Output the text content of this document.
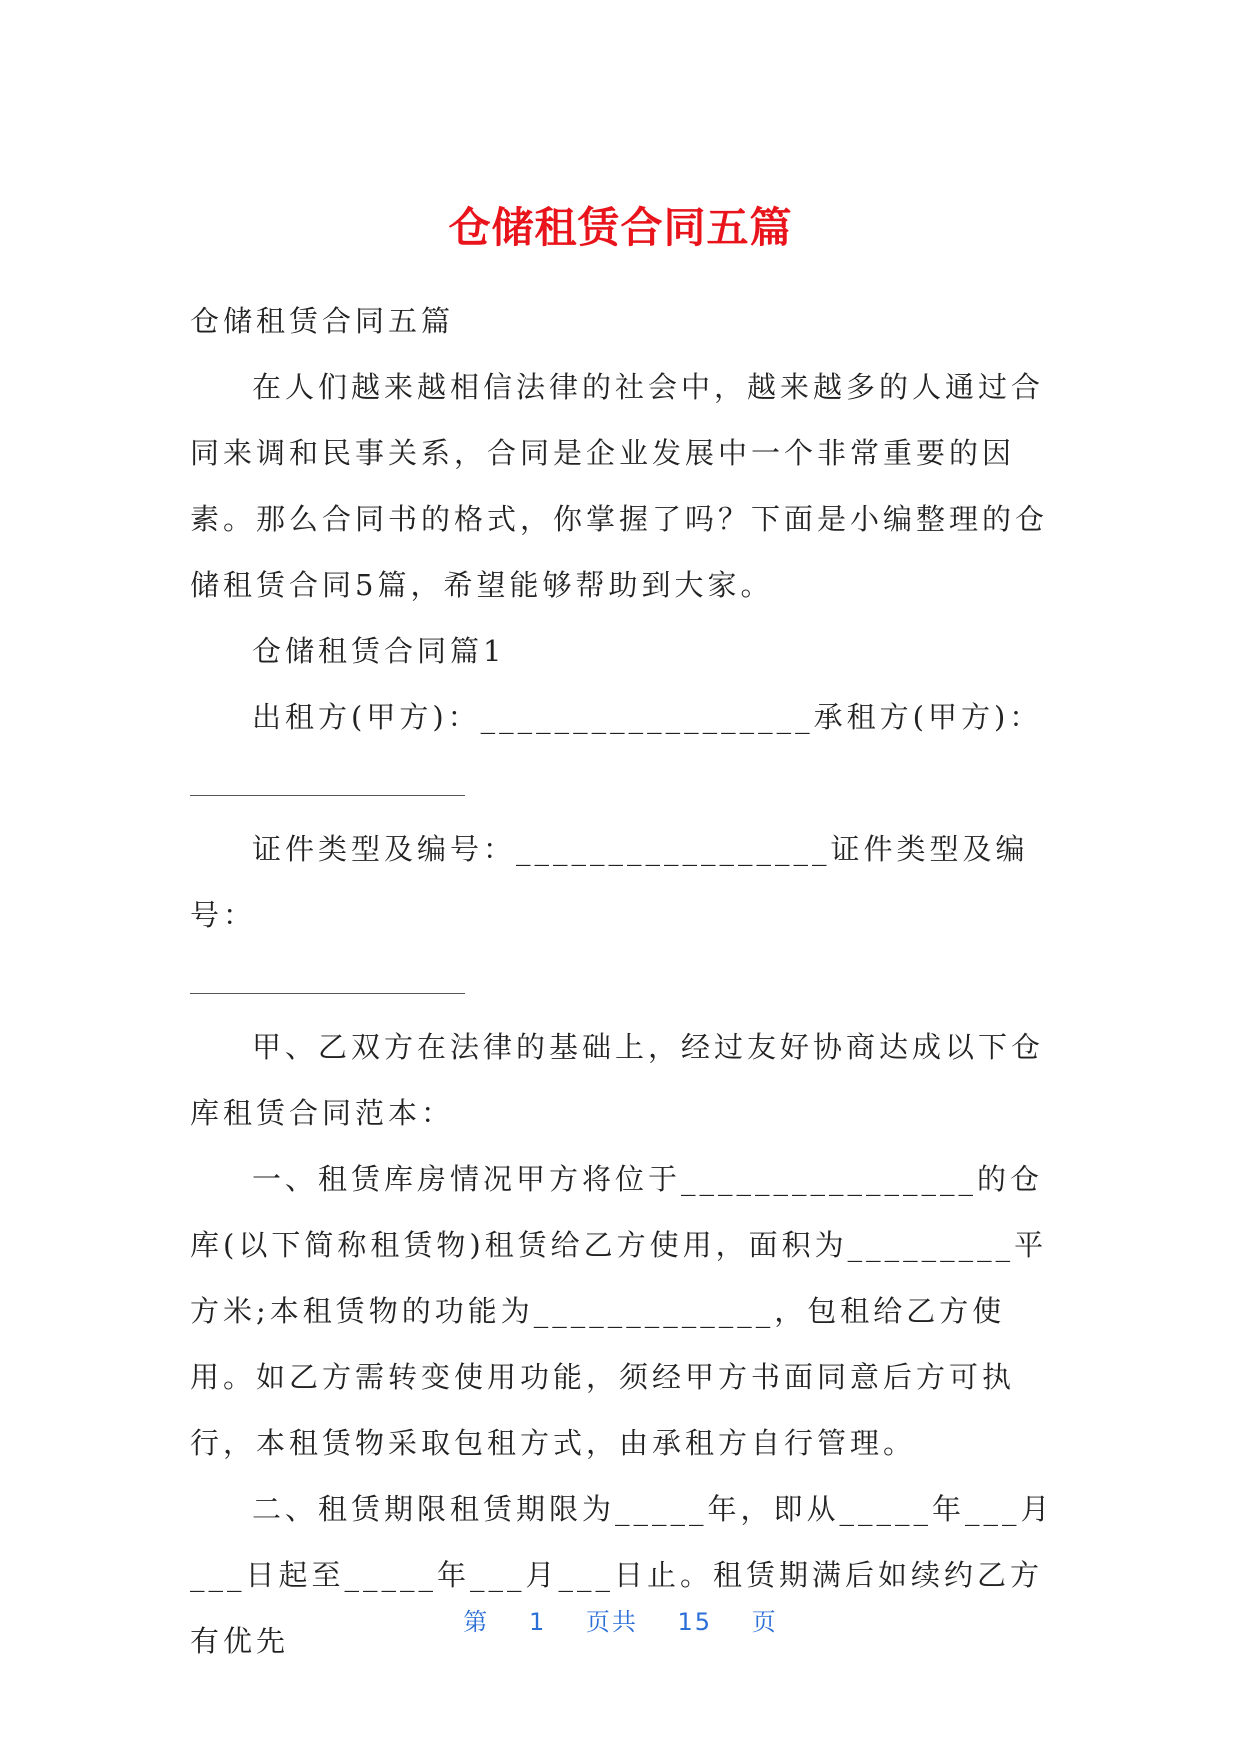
仓储租赁合同五篇

仓储租赁合同五篇

在人们越来越相信法律的社会中，越来越多的人通过合同来调和民事关系，合同是企业发展中一个非常重要的因素。那么合同书的格式，你掌握了吗？下面是小编整理的仓储租赁合同5篇，希望能够帮助到大家。

仓储租赁合同篇1

出租方(甲方)：__________________承租方(甲方)：

证件类型及编号：_________________证件类型及编号：

甲、乙双方在法律的基础上，经过友好协商达成以下仓库租赁合同范本：

一、租赁库房情况甲方将位于________________的仓库(以下简称租赁物)租赁给乙方使用，面积为_________平方米;本租赁物的功能为_____________，包租给乙方使用。如乙方需转变使用功能，须经甲方书面同意后方可执行，本租赁物采取包租方式，由承租方自行管理。

二、租赁期限租赁期限为_____年，即从_____年___月___日起至_____年___月___日止。租赁期满后如续约乙方有优先

第 1 页共 15 页
